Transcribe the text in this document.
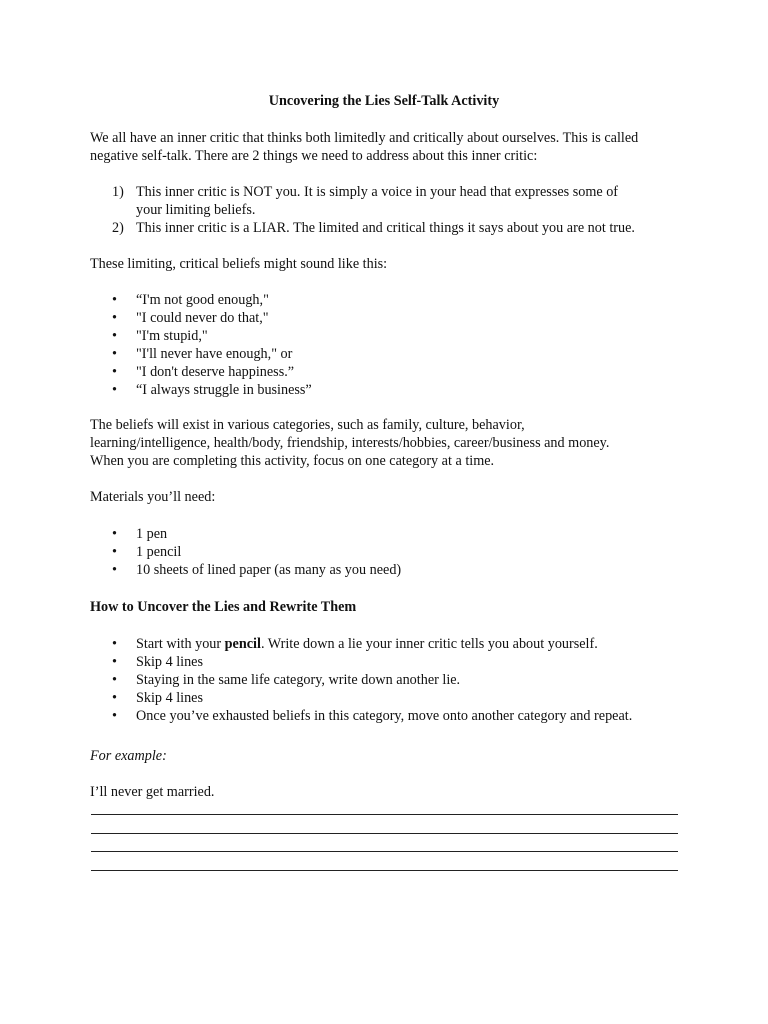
Uncovering the Lies Self-Talk Activity
We all have an inner critic that thinks both limitedly and critically about ourselves. This is called
negative self-talk. There are 2 things we need to address about this inner critic:
1) This inner critic is NOT you. It is simply a voice in your head that expresses some of
your limiting beliefs.
2) This inner critic is a LIAR. The limited and critical things it says about you are not true.
These limiting, critical beliefs might sound like this:
•	“I'm not good enough,"
•	"I could never do that,"
•	"I'm stupid,"
•	"I'll never have enough," or
•	"I don't deserve happiness.”
•	“I always struggle in business”
The beliefs will exist in various categories, such as family, culture, behavior,
learning/intelligence, health/body, friendship, interests/hobbies, career/business and money.
When you are completing this activity, focus on one category at a time.
Materials you’ll need:
•	1 pen
•	1 pencil
•	10 sheets of lined paper (as many as you need)
How to Uncover the Lies and Rewrite Them
•	Start with your pencil. Write down a lie your inner critic tells you about yourself.
•	Skip 4 lines
•	Staying in the same life category, write down another lie.
•	Skip 4 lines
•	Once you’ve exhausted beliefs in this category, move onto another category and repeat.
For example:
I’ll never get married.
